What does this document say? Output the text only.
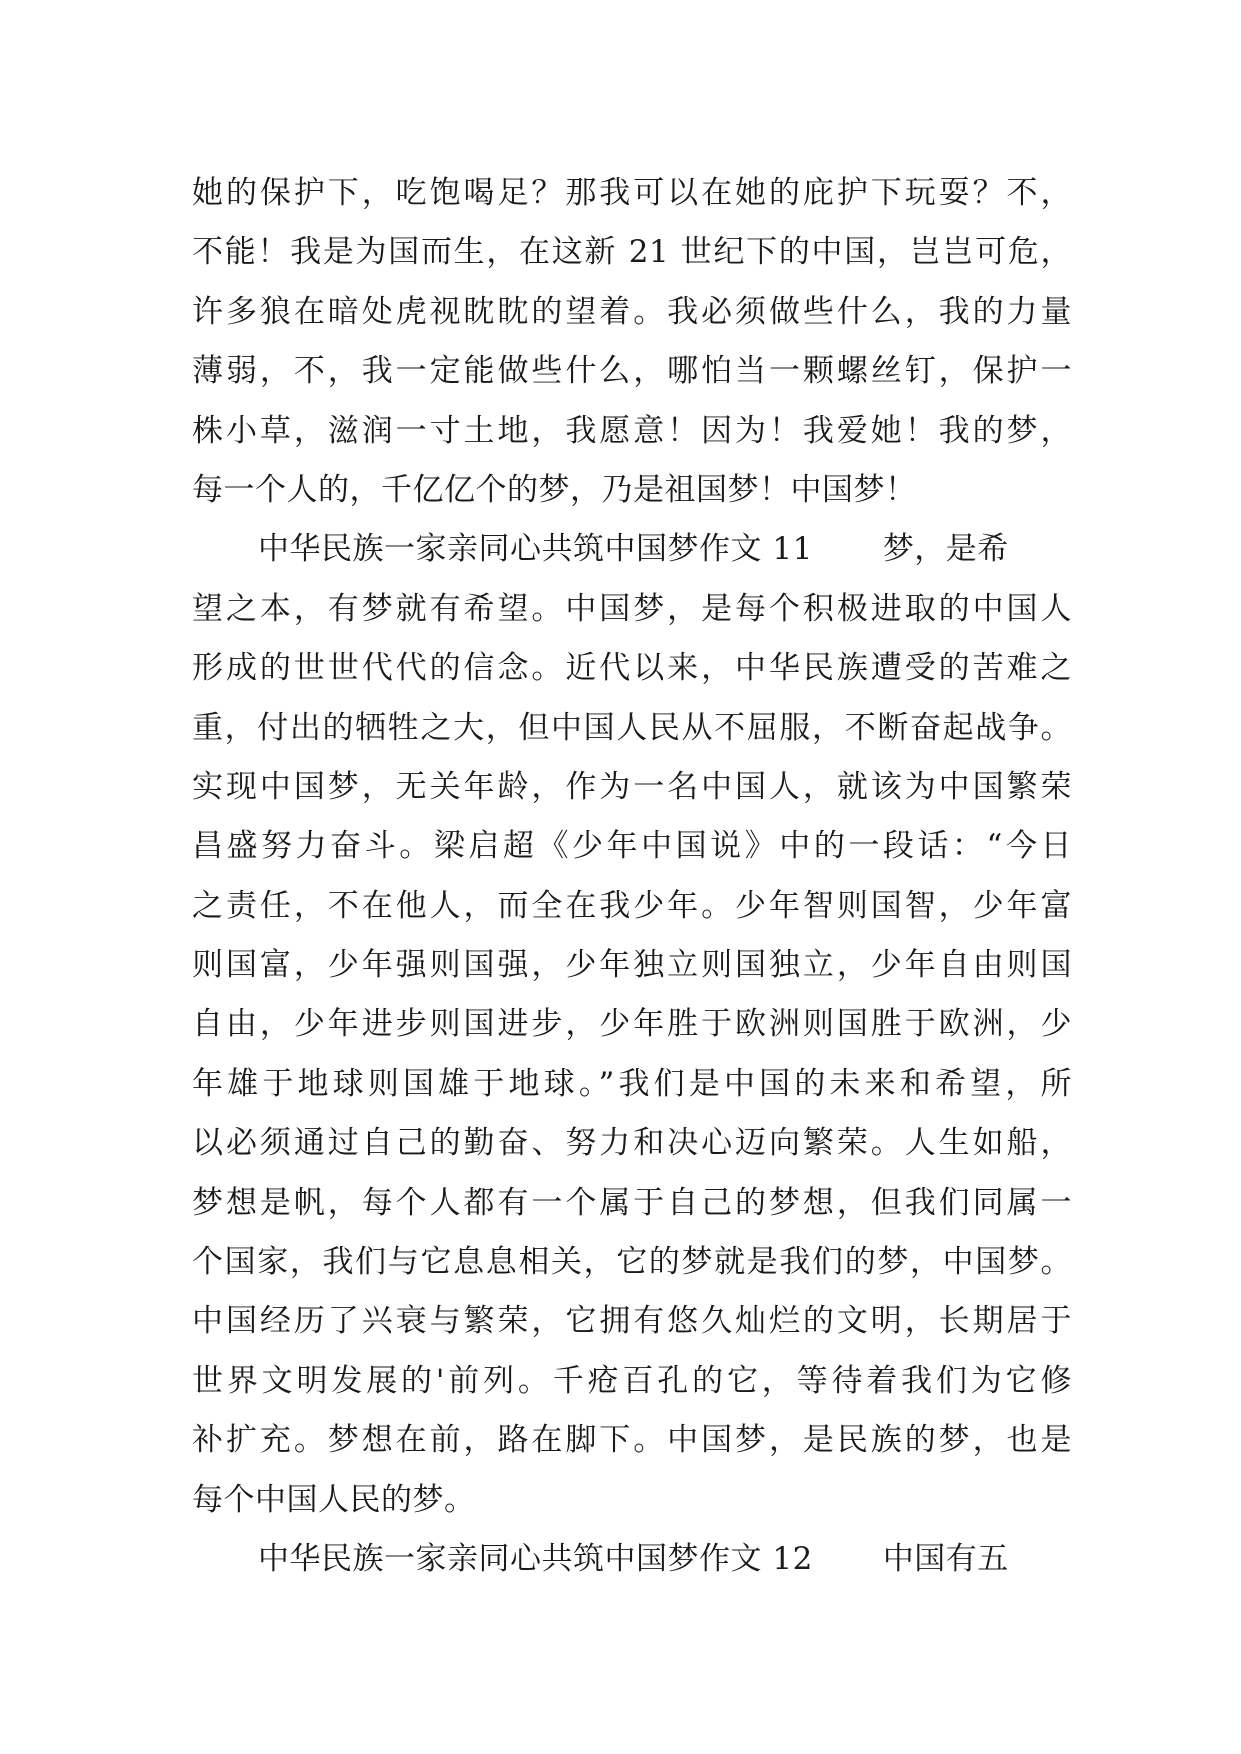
她的保护下，吃饱喝足？那我可以在她的庇护下玩耍？不，
不能！我是为国而生，在这新 21 世纪下的中国，岂岂可危，
许多狼在暗处虎视眈眈的望着。我必须做些什么，我的力量
薄弱，不，我一定能做些什么，哪怕当一颗螺丝钉，保护一
株小草，滋润一寸土地，我愿意！因为！我爱她！我的梦，
每一个人的，千亿亿个的梦，乃是祖国梦！中国梦！
中华民族一家亲同心共筑中国梦作文 11 梦，是希
望之本，有梦就有希望。中国梦，是每个积极进取的中国人
形成的世世代代的信念。近代以来，中华民族遭受的苦难之
重，付出的牺牲之大，但中国人民从不屈服，不断奋起战争。
实现中国梦，无关年龄，作为一名中国人，就该为中国繁荣
昌盛努力奋斗。梁启超《少年中国说》中的一段话：“今日
之责任，不在他人，而全在我少年。少年智则国智，少年富
则国富，少年强则国强，少年独立则国独立，少年自由则国
自由，少年进步则国进步，少年胜于欧洲则国胜于欧洲，少
年雄于地球则国雄于地球。”我们是中国的未来和希望，所
以必须通过自己的勤奋、努力和决心迈向繁荣。人生如船，
梦想是帆，每个人都有一个属于自己的梦想，但我们同属一
个国家，我们与它息息相关，它的梦就是我们的梦，中国梦。
中国经历了兴衰与繁荣，它拥有悠久灿烂的文明，长期居于
世界文明发展的'前列。千疮百孔的它，等待着我们为它修
补扩充。梦想在前，路在脚下。中国梦，是民族的梦，也是
每个中国人民的梦。
中华民族一家亲同心共筑中国梦作文 12 中国有五
